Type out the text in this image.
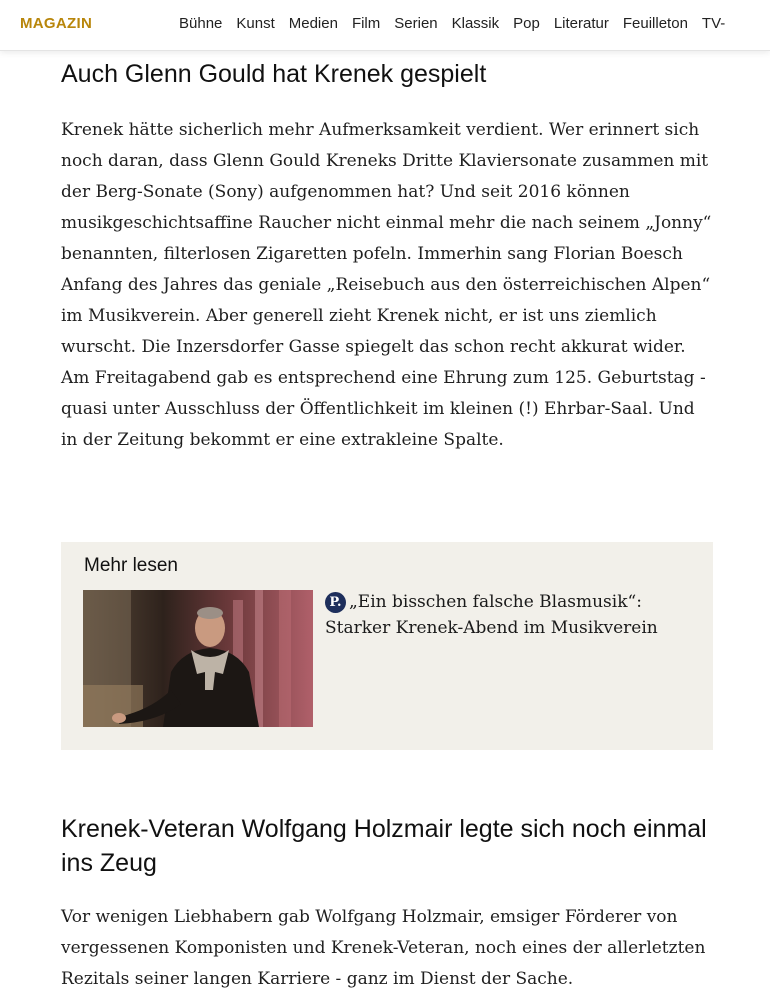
MAGAZIN	Bühne Kunst Medien Film Serien Klassik Pop Literatur Feuilleton TV-
Auch Glenn Gould hat Krenek gespielt

Krenek hätte sicherlich mehr Aufmerksamkeit verdient. Wer erinnert sich noch daran, dass Glenn Gould Kreneks Dritte Klaviersonate zusammen mit der Berg-Sonate (Sony) aufgenommen hat? Und seit 2016 können musikgeschichtsaffine Raucher nicht einmal mehr die nach seinem „Jonny“ benannten, filterlosen Zigaretten pofeln. Immerhin sang Florian Boesch Anfang des Jahres das geniale „Reisebuch aus den österreichischen Alpen“ im Musikverein. Aber generell zieht Krenek nicht, er ist uns ziemlich wurscht. Die Inzersdorfer Gasse spiegelt das schon recht akkurat wider. Am Freitagabend gab es entsprechend eine Ehrung zum 125. Geburtstag - quasi unter Ausschluss der Öffentlichkeit im kleinen (!) Ehrbar-Saal. Und in der Zeitung bekommt er eine extrakleine Spalte.

Mehr lesen
P. „Ein bisschen falsche Blasmusik“: Starker Krenek-Abend im Musikverein
Krenek-Veteran Wolfgang Holzmair legte sich noch einmal ins Zeug

Vor wenigen Liebhabern gab Wolfgang Holzmair, emsiger Förderer von vergessenen Komponisten und Krenek-Veteran, noch eines der allerletzten Rezitals seiner langen Karriere - ganz im Dienst der Sache.
